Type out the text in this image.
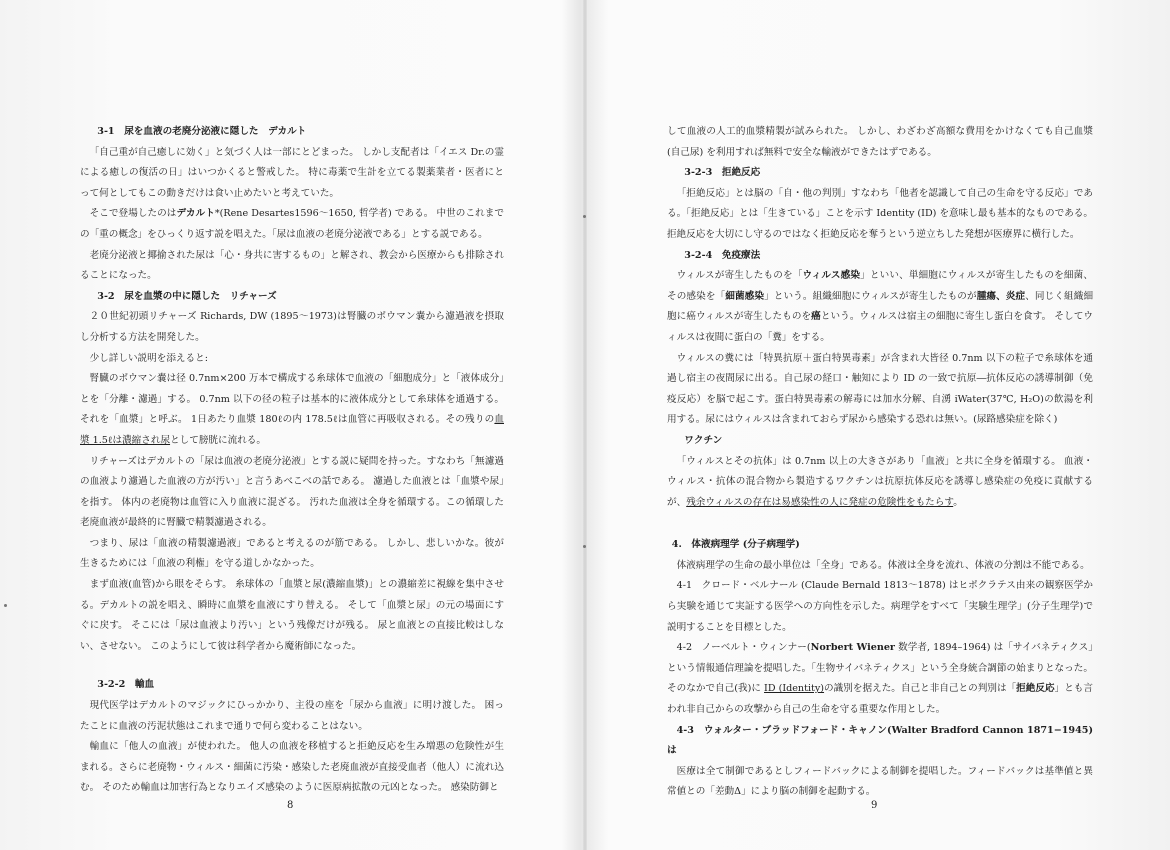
3-1　尿を血液の老廃分泌液に隠した　デカルト

「自己重が自己癒しに効く」と気づく人は一部にとどまった。 しかし支配者は「イエス Dr.の霊による癒しの復活の日」はいつかくると警戒した。 特に毒薬で生計を立てる製薬業者・医者にとって何としてもこの動きだけは食い止めたいと考えていた。

そこで登場したのはデカルト*(Rene Desartes1596～1650, 哲学者) である。 中世のこれまでの「重の概念」をひっくり返す説を唱えた。「尿は血液の老廃分泌液である」とする説である。

老廃分泌液と揶揄された尿は「心・身共に害するもの」と解され、教会から医療からも排除されることになった。

3-2　尿を血漿の中に隠した　リチャーズ

２０世紀初頭リチャーズ Richards, DW (1895～1973)は腎臓のボウマン嚢から濾過液を摂取し分析する方法を開発した。

少し詳しい説明を添えると:

腎臓のボウマン嚢は径 0.7nm×200 万本で構成する糸球体で血液の「細胞成分」と「液体成分」とを「分離・濾過」する。 0.7nm 以下の径の粒子は基本的に液体成分として糸球体を通過する。それを「血漿」と呼ぶ。 1日あたり血漿 180ℓの内 178.5ℓは血管に再吸収される。その残りの血漿 1.5ℓは濃縮され尿として膀胱に流れる。

リチャーズはデカルトの「尿は血液の老廃分泌液」とする説に疑問を持った。すなわち「無濾過の血液より濾過した血液の方が汚い」と言うあべこべの話である。 濾過した血液とは「血漿や尿」を指す。 体内の老廃物は血管に入り血液に混ざる。 汚れた血液は全身を循環する。この循環した老廃血液が最終的に腎臓で精製濾過される。

つまり、尿は「血液の精製濾過液」であると考えるのが筋である。 しかし、悲しいかな。彼が生きるためには「血液の利権」を守る道しかなかった。

まず血液(血管)から眼をそらす。 糸球体の「血漿と尿(濃縮血漿)」との濃縮差に視線を集中させる。デカルトの説を唱え、瞬時に血漿を血液にすり替える。 そして「血漿と尿」の元の場面にすぐに戻す。 そこには「尿は血液より汚い」という残像だけが残る。 尿と血液との直接比較はしない、させない。 このようにして彼は科学者から魔術師になった。

3-2-2　輸血

現代医学はデカルトのマジックにひっかかり、主役の座を「尿から血液」に明け渡した。 困ったことに血液の汚泥状態はこれまで通りで何ら変わることはない。

輸血に「他人の血液」が使われた。 他人の血液を移植すると拒絶反応を生み増悪の危険性が生まれる。さらに老廃物・ウィルス・細菌に汚染・感染した老廃血液が直接受血者（他人）に流れ込む。 そのため輸血は加害行為となりエイズ感染のように医原病拡散の元凶となった。 感染防御と

8

して血液の人工的血漿精製が試みられた。 しかし、わざわざ高額な費用をかけなくても自己血漿(自己尿) を利用すれば無料で安全な輸液ができたはずである。

3-2-3　拒絶反応

「拒絶反応」とは脳の「自・他の判別」すなわち「他者を認識して自己の生命を守る反応」である。「拒絶反応」とは「生きている」ことを示す Identity (ID) を意味し最も基本的なものである。拒絶反応を大切にし守るのではなく拒絶反応を奪うという逆立ちした発想が医療界に横行した。

3-2-4　免疫療法

ウィルスが寄生したものを「ウィルス感染」といい、単細胞にウィルスが寄生したものを細菌、その感染を「細菌感染」という。組織細胞にウィルスが寄生したものが腫瘍、炎症、同じく組織細胞に癌ウィルスが寄生したものを癌という。ウィルスは宿主の細胞に寄生し蛋白を食す。 そしてウィルスは夜間に蛋白の「糞」をする。

ウィルスの糞には「特異抗原＋蛋白特異毒素」が含まれ大皆径 0.7nm 以下の粒子で糸球体を通過し宿主の夜間尿に出る。自己尿の経口・触知により ID の一致で抗原―抗体反応の誘導制御（免疫反応）を脳で起こす。蛋白特異毒素の解毒には加水分解、自湧 iWater(37℃, H₂O)の飲湯を利用する。尿にはウィルスは含まれておらず尿から感染する恐れは無い。(尿路感染症を除く)

ワクチン

「ウィルスとその抗体」は 0.7nm 以上の大きさがあり「血液」と共に全身を循環する。 血液・ウィルス・抗体の混合物から製造するワクチンは抗原抗体反応を誘導し感染症の免疫に貢献するが、残余ウィルスの存在は易感染性の人に発症の危険性をもたらす。

4.　体液病理学 (分子病理学)

体液病理学の生命の最小単位は「全身」である。体液は全身を流れ、体液の分割は不能である。

4-1　クロード・ベルナール (Claude Bernald 1813～1878) はヒポクラテス由来の観察医学から実験を通じて実証する医学への方向性を示した。病理学をすべて「実験生理学」(分子生理学)で説明することを目標とした。

4-2　ノーベルト・ウィンナー(Norbert Wiener 数学者, 1894–1964) は「サイバネティクス」という情報通信理論を提唱した。「生物サイバネティクス」という全身統合調節の始まりとなった。そのなかで自己(我)に ID (Identity)の識別を据えた。自己と非自己との判別は「拒絶反応」とも言われ非自己からの攻撃から自己の生命を守る重要な作用とした。

4-3　ウォルター・ブラッドフォード・キャノン(Walter Bradford Cannon 1871−1945)は

医療は全て制御であるとしフィードバックによる制御を提唱した。フィードバックは基準値と異常値との「差動Δ」により脳の制御を起動する。

9
